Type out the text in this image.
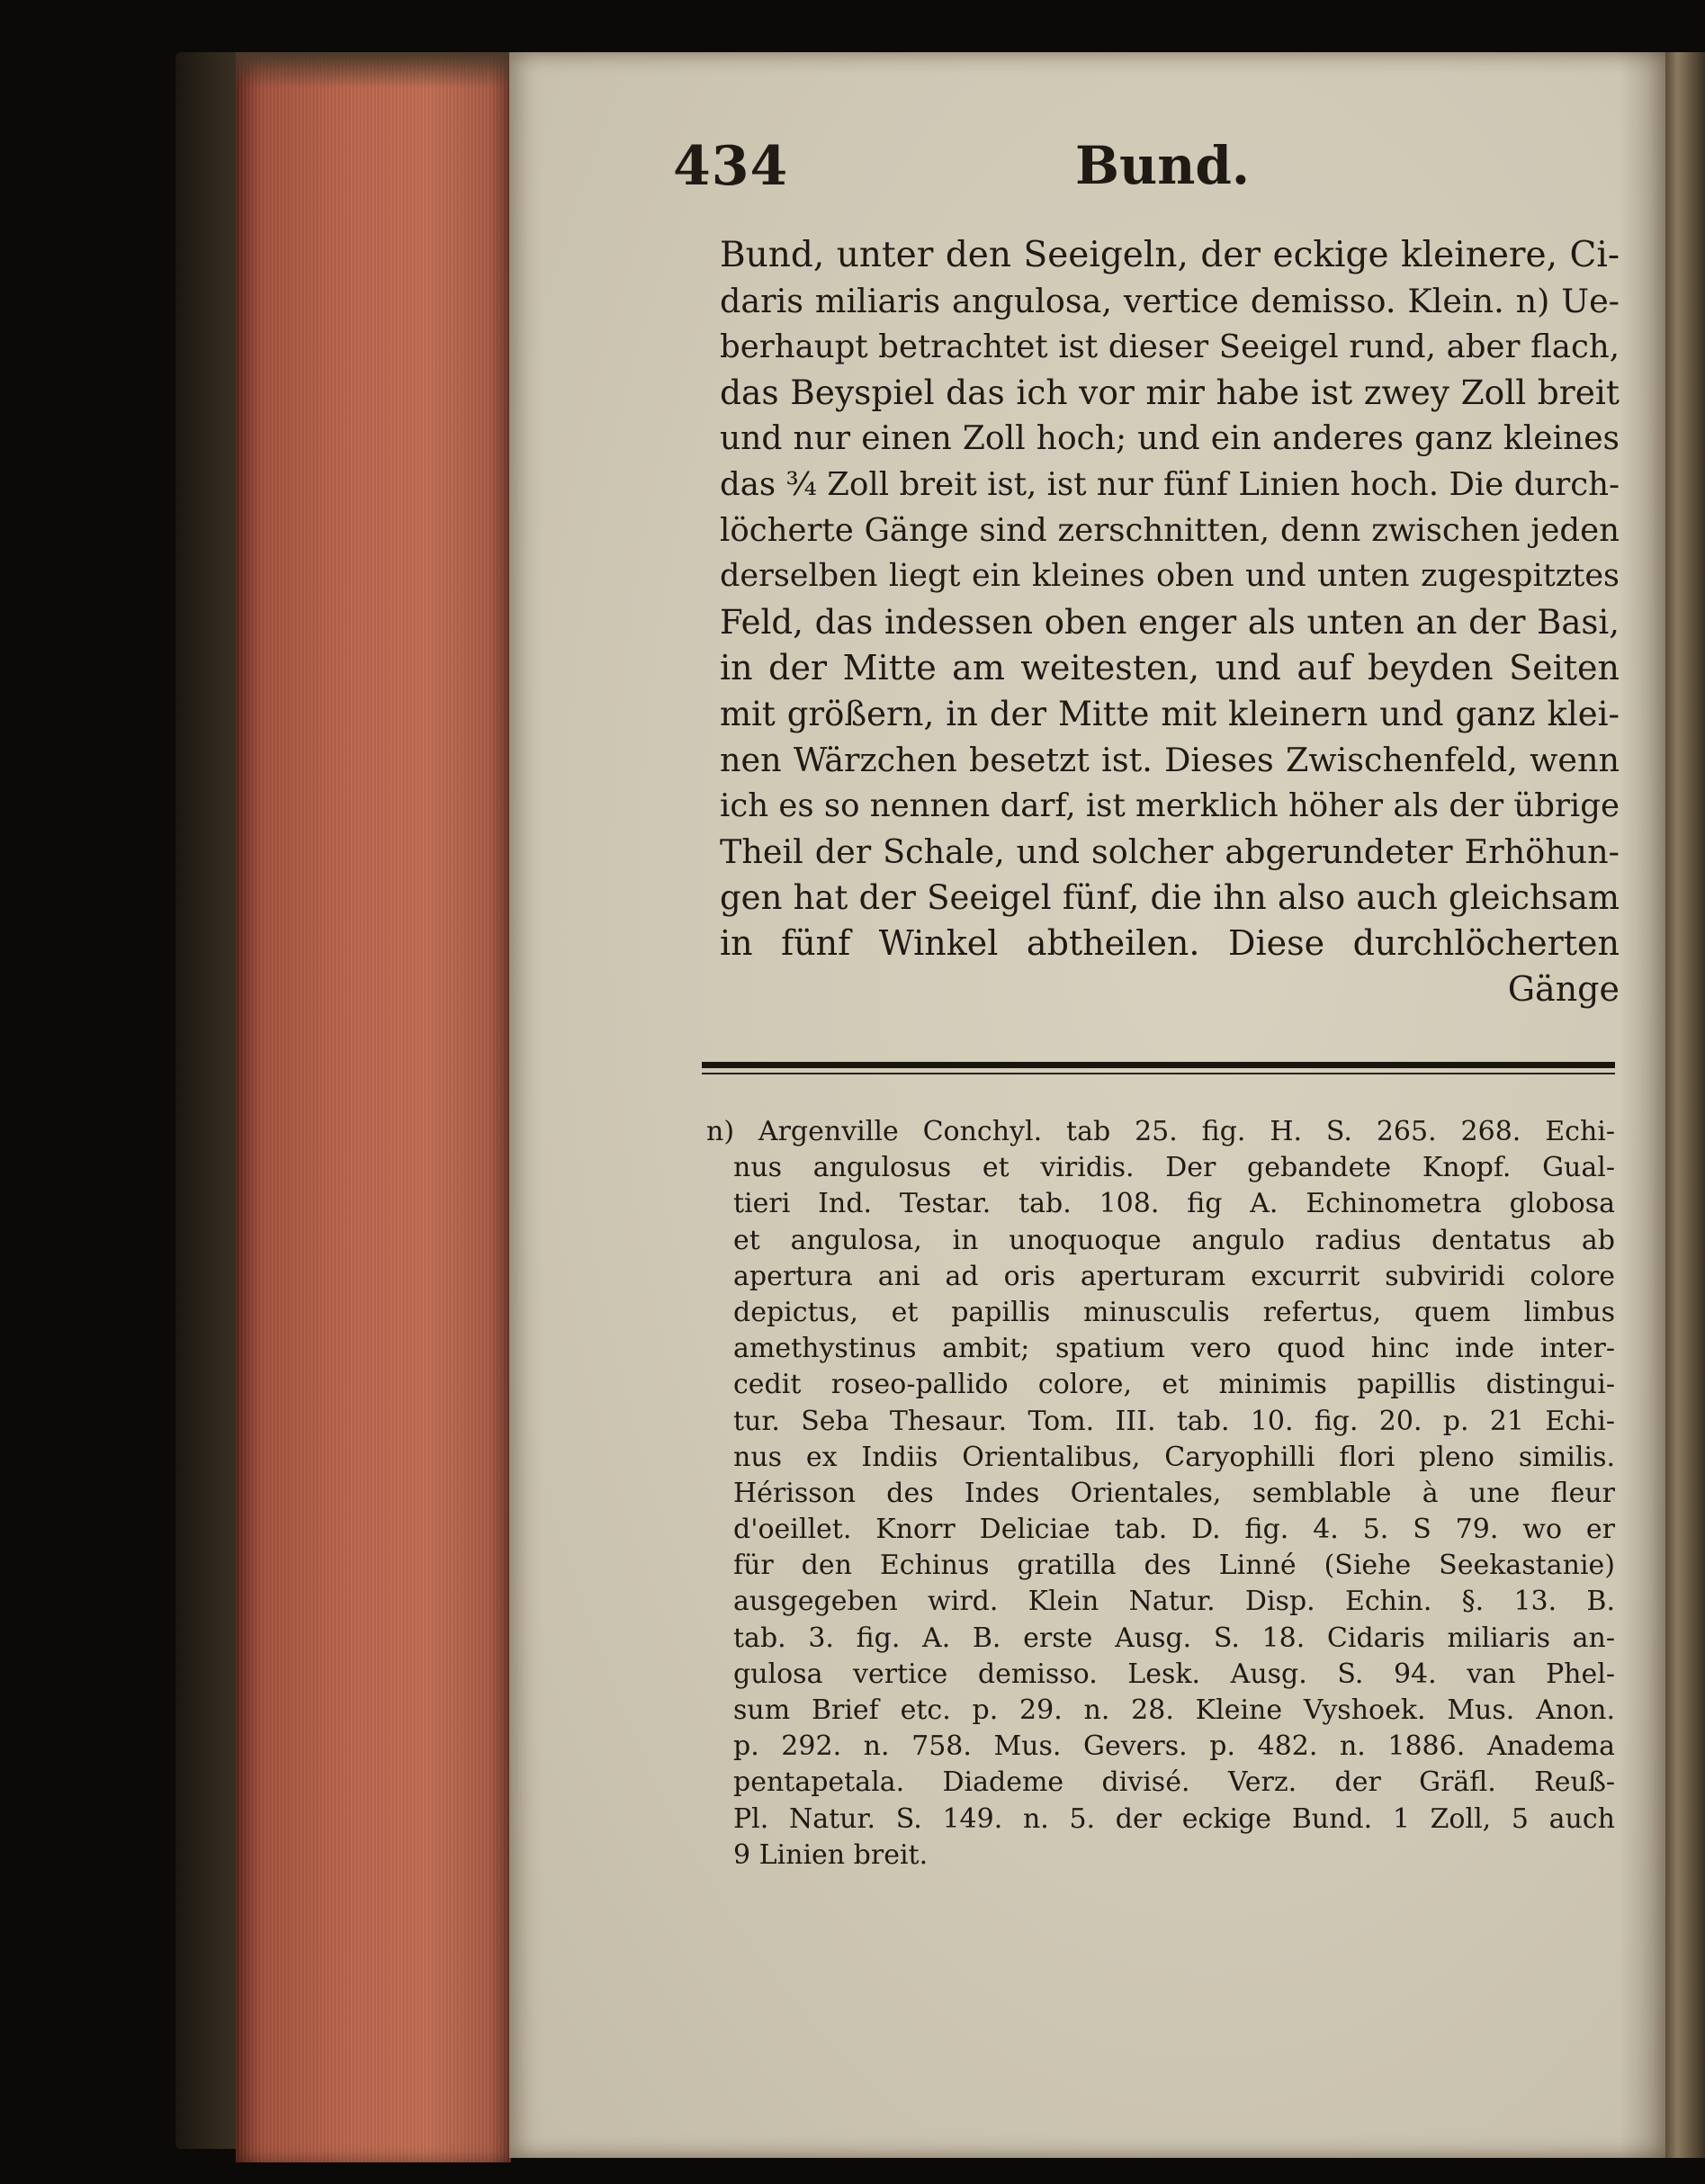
434	Bund.
Bund, unter den Seeigeln, der eckige kleinere, Ci-
daris miliaris angulosa, vertice demisso. Klein. n) Ue-
berhaupt betrachtet ist dieser Seeigel rund, aber flach,
das Beyspiel das ich vor mir habe ist zwey Zoll breit
und nur einen Zoll hoch; und ein anderes ganz kleines
das ¾ Zoll breit ist, ist nur fünf Linien hoch. Die durch-
löcherte Gänge sind zerschnitten, denn zwischen jeden
derselben liegt ein kleines oben und unten zugespitztes
Feld, das indessen oben enger als unten an der Basi,
in der Mitte am weitesten, und auf beyden Seiten
mit größern, in der Mitte mit kleinern und ganz klei-
nen Wärzchen besetzt ist. Dieses Zwischenfeld, wenn
ich es so nennen darf, ist merklich höher als der übrige
Theil der Schale, und solcher abgerundeter Erhöhun-
gen hat der Seeigel fünf, die ihn also auch gleichsam
in fünf Winkel abtheilen. Diese durchlöcherten
Gänge
n) Argenville Conchyl. tab 25. fig. H. S. 265. 268. Echi-
nus angulosus et viridis. Der gebandete Knopf. Gual-
tieri Ind. Testar. tab. 108. fig A. Echinometra globosa
et angulosa, in unoquoque angulo radius dentatus ab
apertura ani ad oris aperturam excurrit subviridi colore
depictus, et papillis minusculis refertus, quem limbus
amethystinus ambit; spatium vero quod hinc inde inter-
cedit roseo-pallido colore, et minimis papillis distingui-
tur. Seba Thesaur. Tom. III. tab. 10. fig. 20. p. 21 Echi-
nus ex Indiis Orientalibus, Caryophilli flori pleno similis.
Hérisson des Indes Orientales, semblable à une fleur
d'oeillet. Knorr Deliciae tab. D. fig. 4. 5. S 79. wo er
für den Echinus gratilla des Linné (Siehe Seekastanie)
ausgegeben wird. Klein Natur. Disp. Echin. §. 13. B.
tab. 3. fig. A. B. erste Ausg. S. 18. Cidaris miliaris an-
gulosa vertice demisso. Lesk. Ausg. S. 94. van Phel-
sum Brief etc. p. 29. n. 28. Kleine Vyshoek. Mus. Anon.
p. 292. n. 758. Mus. Gevers. p. 482. n. 1886. Anadema
pentapetala. Diademe divisé. Verz. der Gräfl. Reuß-
Pl. Natur. S. 149. n. 5. der eckige Bund. 1 Zoll, 5 auch
9 Linien breit.
